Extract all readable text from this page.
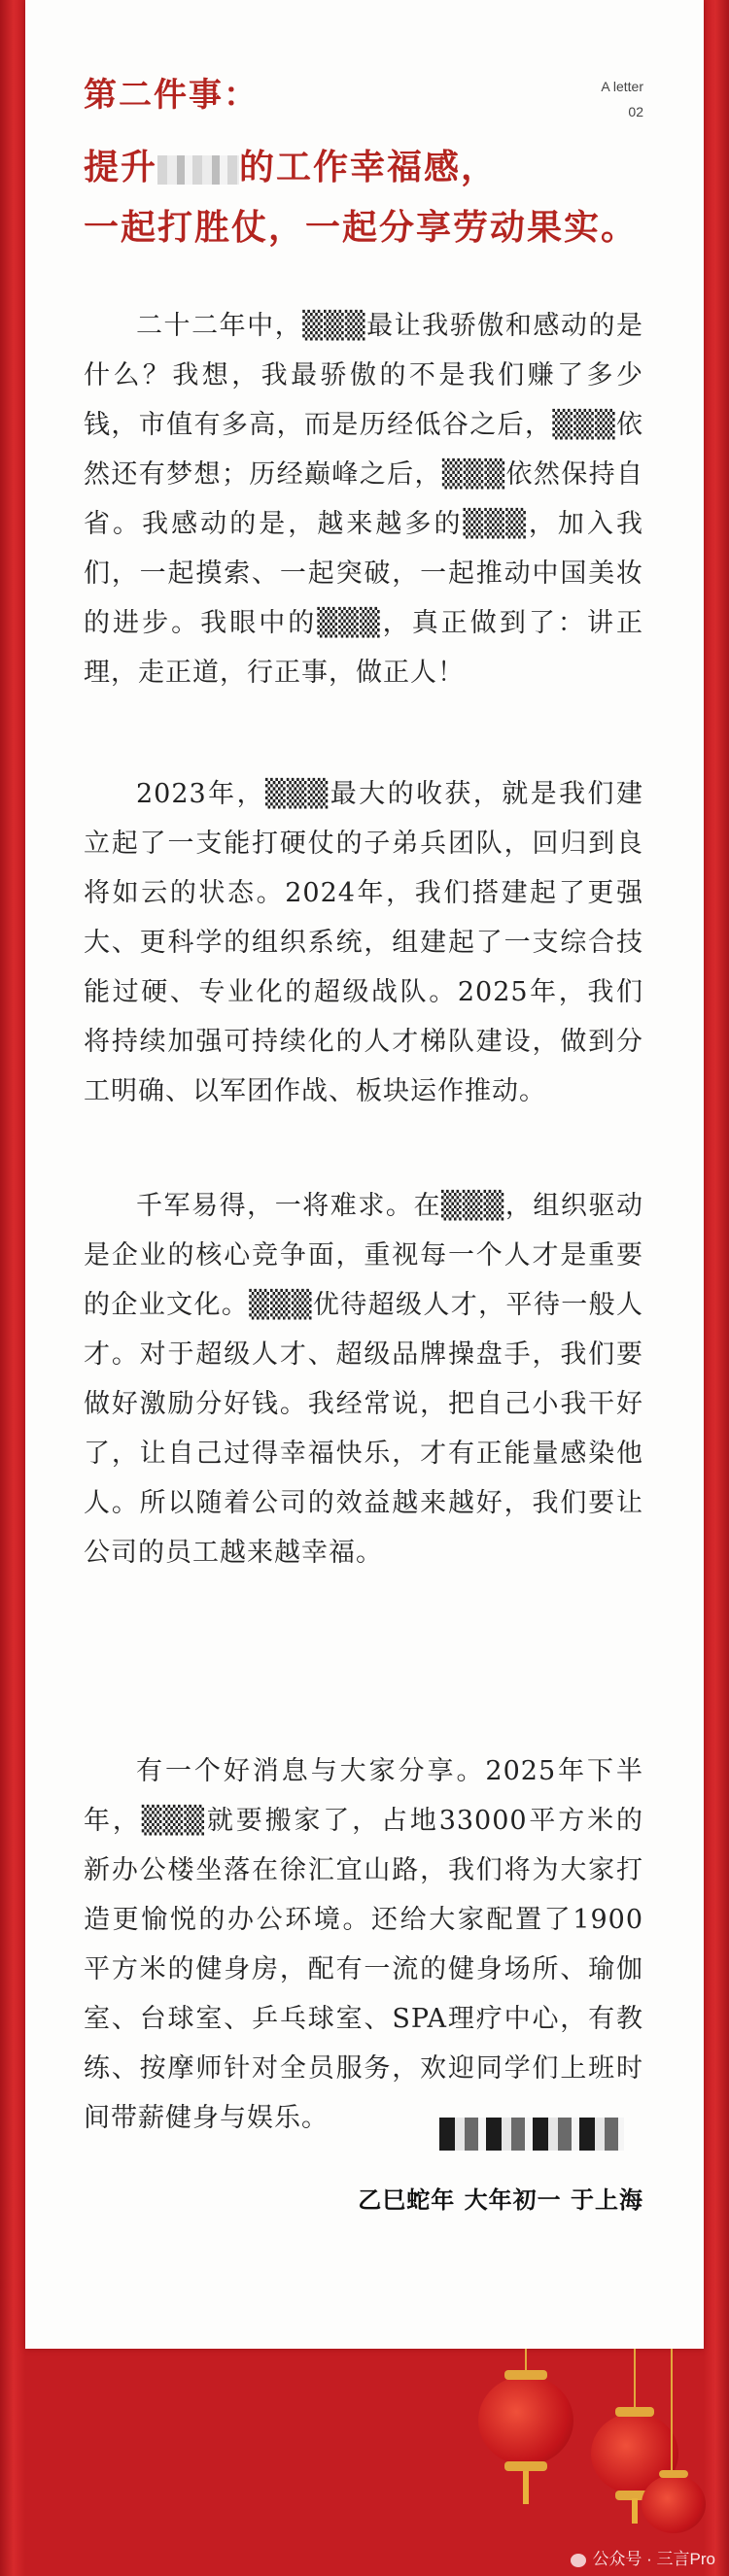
A letter
02
第二件事：
提升 的工作幸福感，
一起打胜仗，一起分享劳动果实。
二十二年中，▒▒▒最让我骄傲和感动的是什么？我想，我最骄傲的不是我们赚了多少钱，市值有多高，而是历经低谷之后，▒▒▒依然还有梦想；历经巅峰之后，▒▒▒依然保持自省。我感动的是，越来越多的▒▒▒，加入我们，一起摸索、一起突破，一起推动中国美妆的进步。我眼中的▒▒▒，真正做到了：讲正理，走正道，行正事，做正人！
2023年，▒▒▒最大的收获，就是我们建立起了一支能打硬仗的子弟兵团队，回归到良将如云的状态。2024年，我们搭建起了更强大、更科学的组织系统，组建起了一支综合技能过硬、专业化的超级战队。2025年，我们将持续加强可持续化的人才梯队建设，做到分工明确、以军团作战、板块运作推动。
千军易得，一将难求。在▒▒▒，组织驱动是企业的核心竞争面，重视每一个人才是重要的企业文化。▒▒▒优待超级人才，平待一般人才。对于超级人才、超级品牌操盘手，我们要做好激励分好钱。我经常说，把自己小我干好了，让自己过得幸福快乐，才有正能量感染他人。所以随着公司的效益越来越好，我们要让公司的员工越来越幸福。
有一个好消息与大家分享。2025年下半年，▒▒▒就要搬家了，占地33000平方米的新办公楼坐落在徐汇宜山路，我们将为大家打造更愉悦的办公环境。还给大家配置了1900平方米的健身房，配有一流的健身场所、瑜伽室、台球室、乒乓球室、SPA理疗中心，有教练、按摩师针对全员服务，欢迎同学们上班时间带薪健身与娱乐。
乙巳蛇年 大年初一 于上海
公众号 · 三言Pro
